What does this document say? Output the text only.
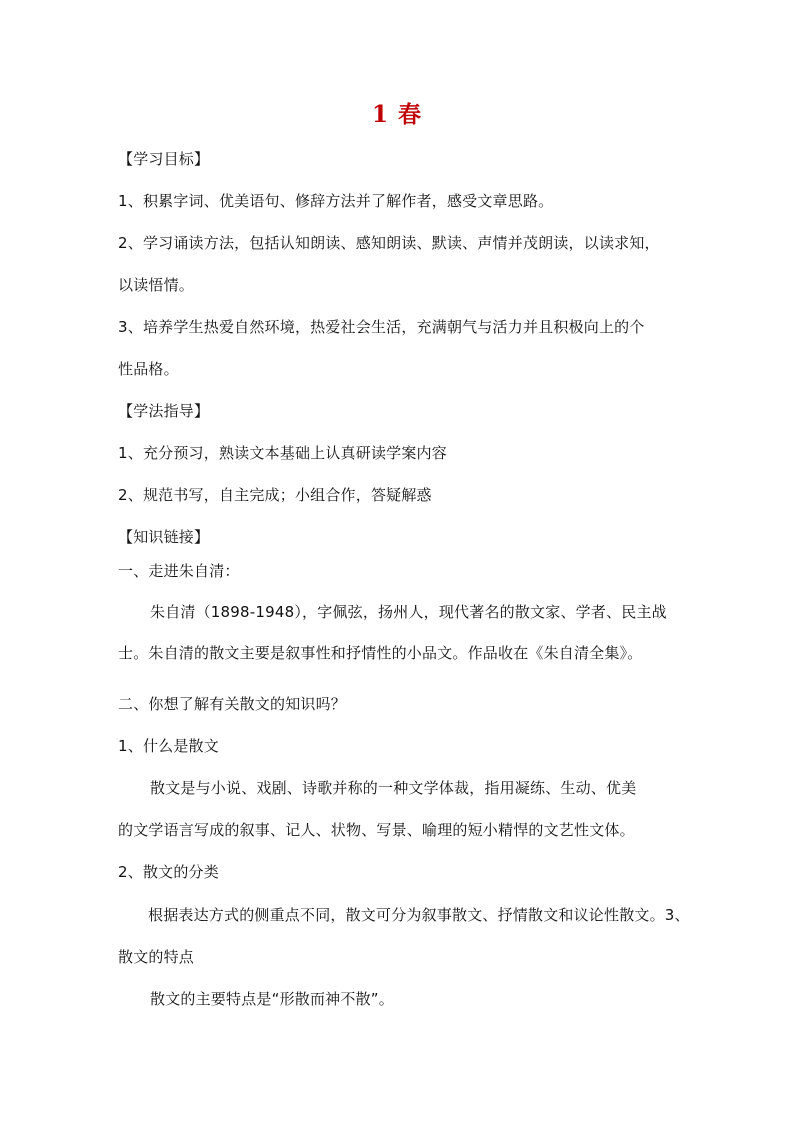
1 春
【学习目标】
1、积累字词、优美语句、修辞方法并了解作者，感受文章思路。
2、学习诵读方法，包括认知朗读、感知朗读、默读、声情并茂朗读，以读求知，
以读悟情。
3、培养学生热爱自然环境，热爱社会生活，充满朝气与活力并且积极向上的个
性品格。
【学法指导】
1、充分预习，熟读文本基础上认真研读学案内容
2、规范书写，自主完成；小组合作，答疑解惑
【知识链接】
一、走进朱自清：
朱自清（1898-1948），字佩弦，扬州人，现代著名的散文家、学者、民主战
士。朱自清的散文主要是叙事性和抒情性的小品文。作品收在《朱自清全集》。
二、你想了解有关散文的知识吗？
1、什么是散文
散文是与小说、戏剧、诗歌并称的一种文学体裁，指用凝练、生动、优美
的文学语言写成的叙事、记人、状物、写景、喻理的短小精悍的文艺性文体。
2、散文的分类
根据表达方式的侧重点不同，散文可分为叙事散文、抒情散文和议论性散文。3、
散文的特点
散文的主要特点是“形散而神不散”。
